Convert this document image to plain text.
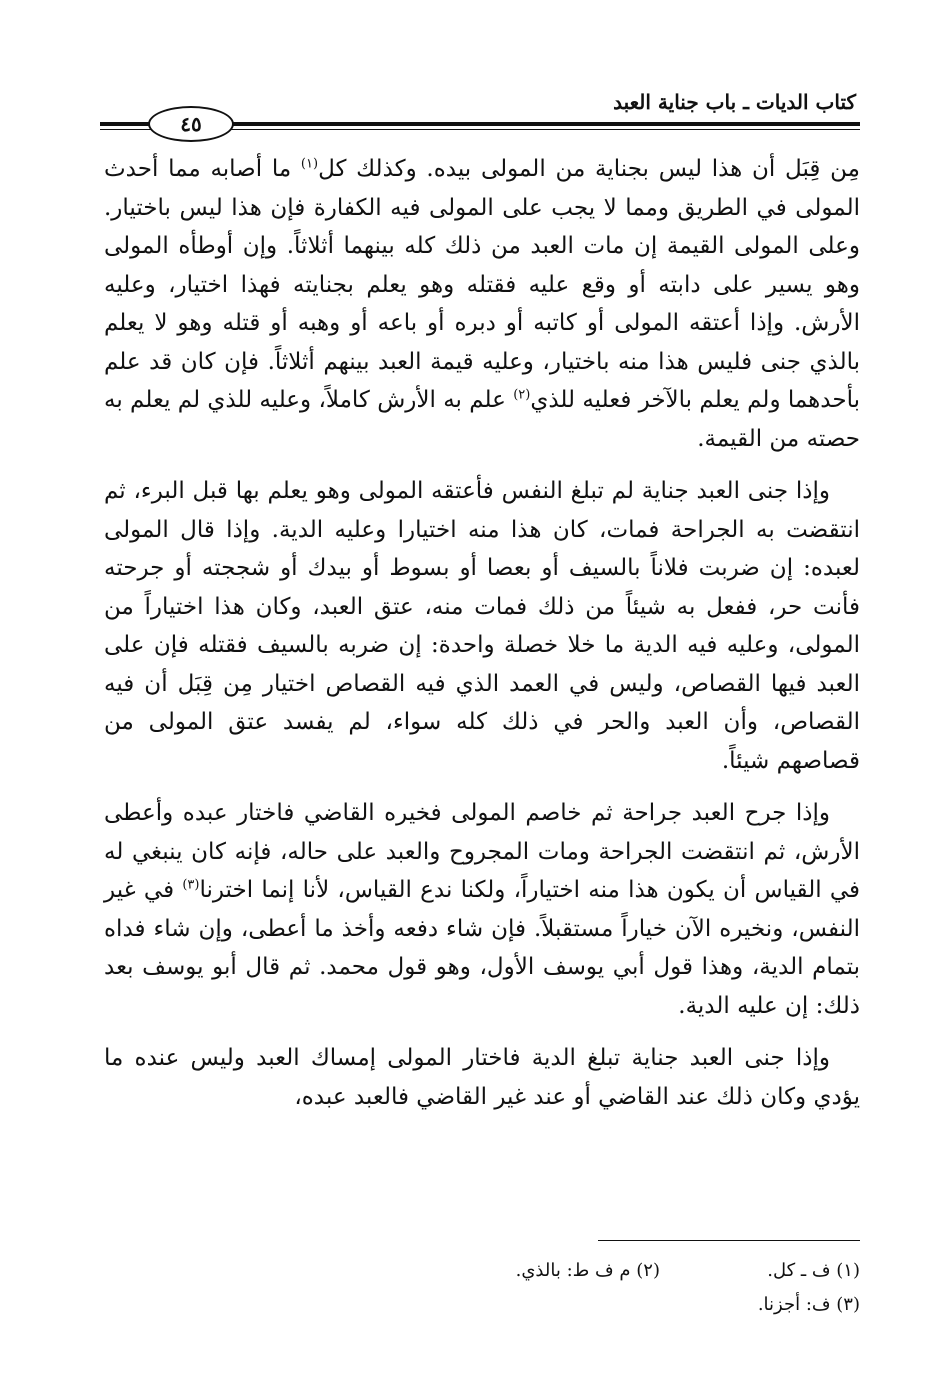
٤٥
كتاب الديات ـ باب جناية العبد

مِن قِبَل أن هذا ليس بجناية من المولى بيده. وكذلك كل$^{(١)}$ ما أصابه مما أحدث المولى في الطريق ومما لا يجب على المولى فيه الكفارة فإن هذا ليس باختيار. وعلى المولى القيمة إن مات العبد من ذلك كله بينهما أثلاثاً. وإن أوطأه المولى وهو يسير على دابته أو وقع عليه فقتله وهو يعلم بجنايته فهذا اختيار، وعليه الأرش. وإذا أعتقه المولى أو كاتبه أو دبره أو باعه أو وهبه أو قتله وهو لا يعلم بالذي جنى فليس هذا منه باختيار، وعليه قيمة العبد بينهم أثلاثاً. فإن كان قد علم بأحدهما ولم يعلم بالآخر فعليه للذي$^{(٢)}$ علم به الأرش كاملاً، وعليه للذي لم يعلم به حصته من القيمة.

وإذا جنى العبد جناية لم تبلغ النفس فأعتقه المولى وهو يعلم بها قبل البرء، ثم انتقضت به الجراحة فمات، كان هذا منه اختيارا وعليه الدية. وإذا قال المولى لعبده: إن ضربت فلاناً بالسيف أو بعصا أو بسوط أو بيدك أو شججته أو جرحته فأنت حر، ففعل به شيئاً من ذلك فمات منه، عتق العبد، وكان هذا اختياراً من المولى، وعليه فيه الدية ما خلا خصلة واحدة: إن ضربه بالسيف فقتله فإن على العبد فيها القصاص، وليس في العمد الذي فيه القصاص اختيار مِن قِبَل أن فيه القصاص، وأن العبد والحر في ذلك كله سواء، لم يفسد عتق المولى من قصاصهم شيئاً.

وإذا جرح العبد جراحة ثم خاصم المولى فخيره القاضي فاختار عبده وأعطى الأرش، ثم انتقضت الجراحة ومات المجروح والعبد على حاله، فإنه كان ينبغي له في القياس أن يكون هذا منه اختياراً، ولكنا ندع القياس، لأنا إنما اخترنا$^{(٣)}$ في غير النفس، ونخيره الآن خياراً مستقبلاً. فإن شاء دفعه وأخذ ما أعطى، وإن شاء فداه بتمام الدية، وهذا قول أبي يوسف الأول، وهو قول محمد. ثم قال أبو يوسف بعد ذلك: إن عليه الدية.

وإذا جنى العبد جناية تبلغ الدية فاختار المولى إمساك العبد وليس عنده ما يؤدي وكان ذلك عند القاضي أو عند غير القاضي فالعبد عبده،

(١) ف ـ كل.
(٢) م ف ط: بالذي.
(٣) ف: أجزنا.
